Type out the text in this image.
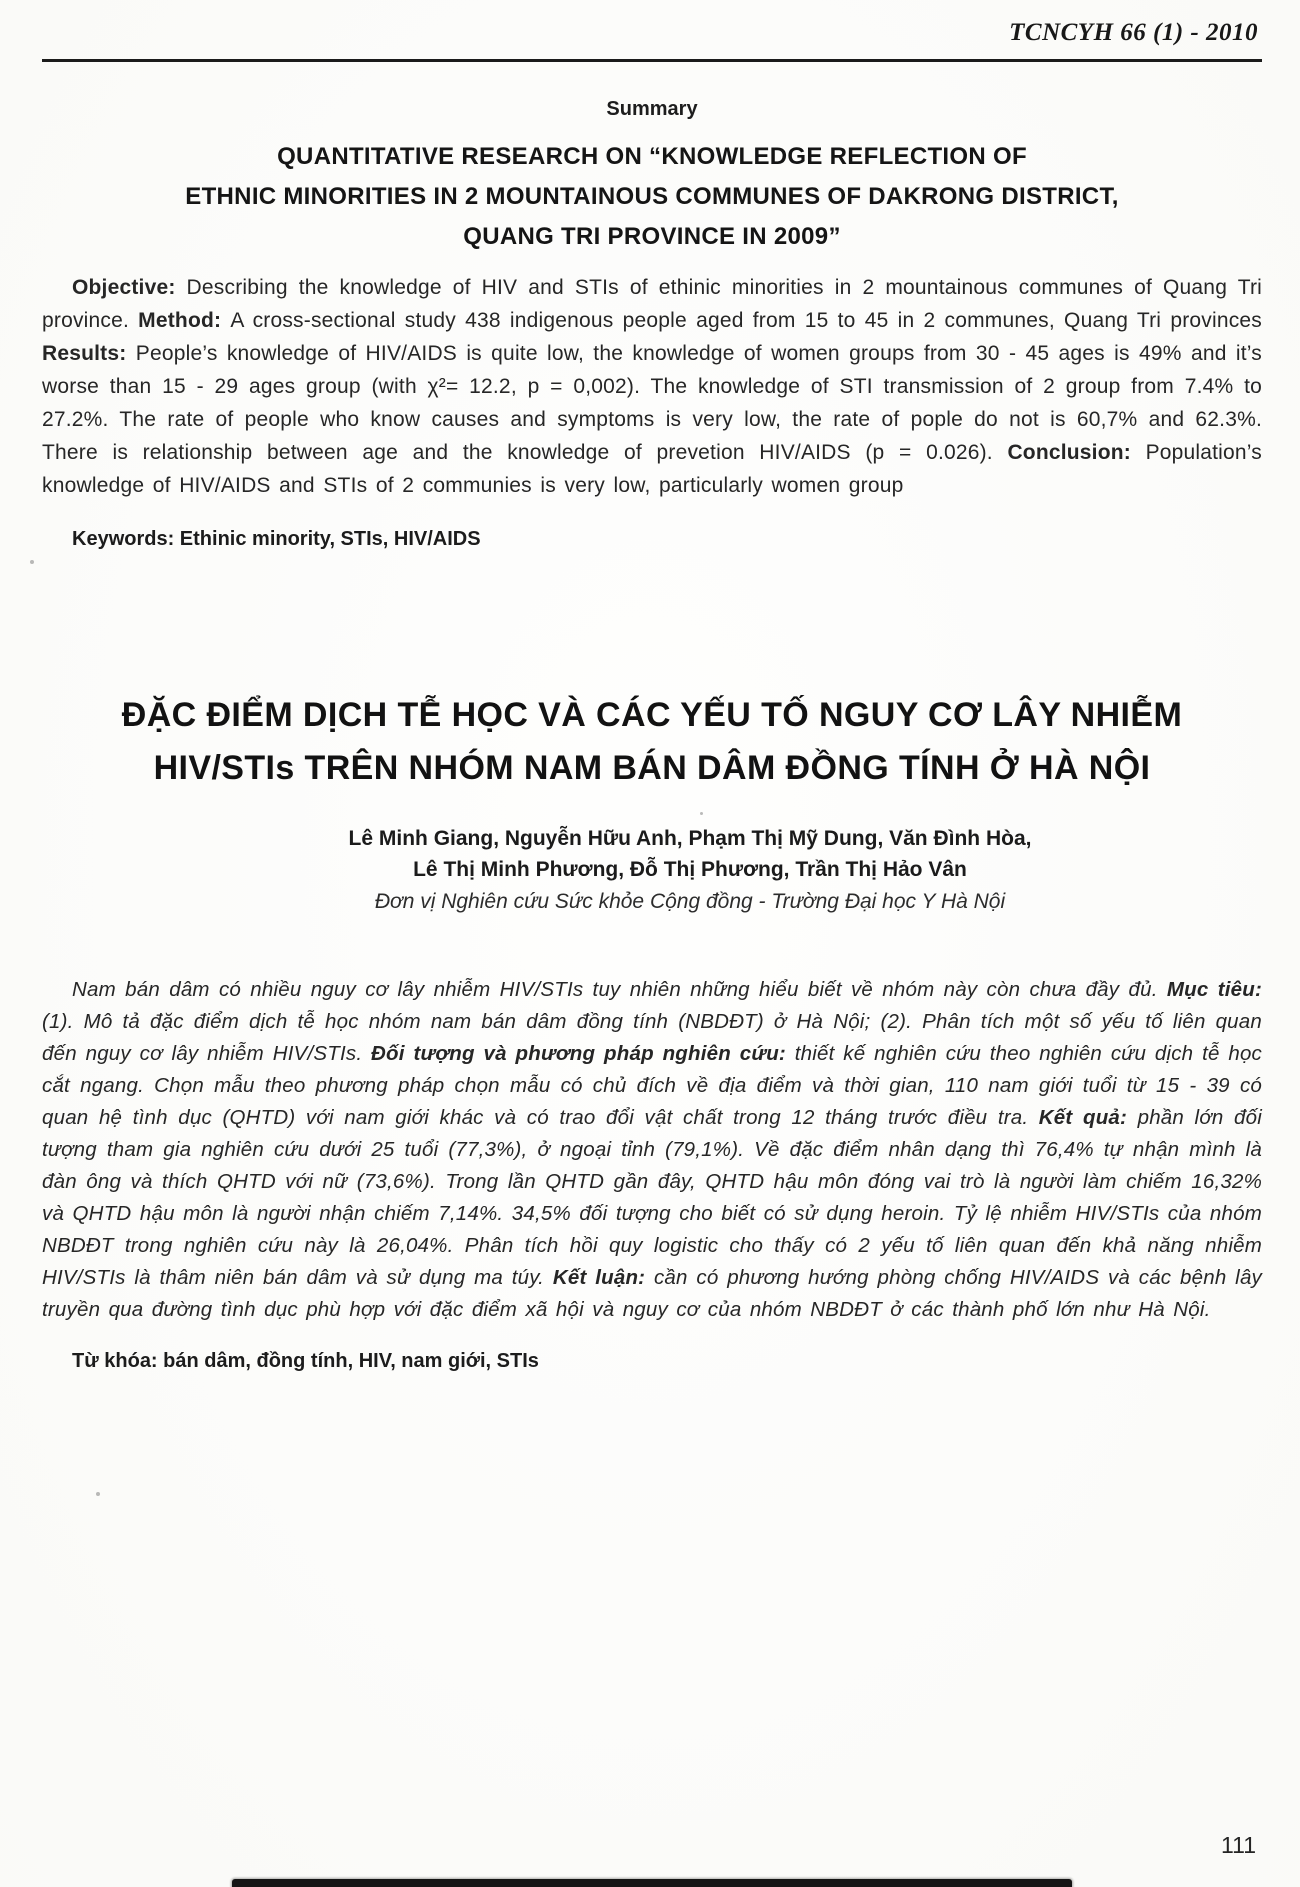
TCNCYH 66 (1) - 2010
Summary
QUANTITATIVE RESEARCH ON “KNOWLEDGE REFLECTION OF
ETHNIC MINORITIES IN 2 MOUNTAINOUS COMMUNES OF DAKRONG DISTRICT,
QUANG TRI PROVINCE IN 2009”

Objective: Describing the knowledge of HIV and STIs of ethinic minorities in 2 mountainous communes of Quang Tri province. Method: A cross-sectional study 438 indigenous people aged from 15 to 45 in 2 communes, Quang Tri provinces Results: People’s knowledge of HIV/AIDS is quite low, the knowledge of women groups from 30 - 45 ages is 49% and it’s worse than 15 - 29 ages group (with χ²= 12.2, p = 0,002). The knowledge of STI transmission of 2 group from 7.4% to 27.2%. The rate of people who know causes and symptoms is very low, the rate of pople do not is 60,7% and 62.3%. There is relationship between age and the knowledge of prevetion HIV/AIDS (p = 0.026). Conclusion: Population’s knowledge of HIV/AIDS and STIs of 2 communies is very low, particularly women group

Keywords: Ethinic minority, STIs, HIV/AIDS

ĐẶC ĐIỂM DỊCH TỄ HỌC VÀ CÁC YẾU TỐ NGUY CƠ LÂY NHIỄM
HIV/STIs TRÊN NHÓM NAM BÁN DÂM ĐỒNG TÍNH Ở HÀ NỘI
Lê Minh Giang, Nguyễn Hữu Anh, Phạm Thị Mỹ Dung, Văn Đình Hòa,
Lê Thị Minh Phương, Đỗ Thị Phương, Trần Thị Hảo Vân
Đơn vị Nghiên cứu Sức khỏe Cộng đồng - Trường Đại học Y Hà Nội

Nam bán dâm có nhiều nguy cơ lây nhiễm HIV/STIs tuy nhiên những hiểu biết về nhóm này còn chưa đầy đủ. Mục tiêu: (1). Mô tả đặc điểm dịch tễ học nhóm nam bán dâm đồng tính (NBDĐT) ở Hà Nội; (2). Phân tích một số yếu tố liên quan đến nguy cơ lây nhiễm HIV/STIs. Đối tượng và phương pháp nghiên cứu: thiết kế nghiên cứu theo nghiên cứu dịch tễ học cắt ngang. Chọn mẫu theo phương pháp chọn mẫu có chủ đích về địa điểm và thời gian, 110 nam giới tuổi từ 15 - 39 có quan hệ tình dục (QHTD) với nam giới khác và có trao đổi vật chất trong 12 tháng trước điều tra. Kết quả: phần lớn đối tượng tham gia nghiên cứu dưới 25 tuổi (77,3%), ở ngoại tỉnh (79,1%). Về đặc điểm nhân dạng thì 76,4% tự nhận mình là đàn ông và thích QHTD với nữ (73,6%). Trong lần QHTD gần đây, QHTD hậu môn đóng vai trò là người làm chiếm 16,32% và QHTD hậu môn là người nhận chiếm 7,14%. 34,5% đối tượng cho biết có sử dụng heroin. Tỷ lệ nhiễm HIV/STIs của nhóm NBDĐT trong nghiên cứu này là 26,04%. Phân tích hồi quy logistic cho thấy có 2 yếu tố liên quan đến khả năng nhiễm HIV/STIs là thâm niên bán dâm và sử dụng ma túy. Kết luận: cần có phương hướng phòng chống HIV/AIDS và các bệnh lây truyền qua đường tình dục phù hợp với đặc điểm xã hội và nguy cơ của nhóm NBDĐT ở các thành phố lớn như Hà Nội.

Từ khóa: bán dâm, đồng tính, HIV, nam giới, STIs

111
